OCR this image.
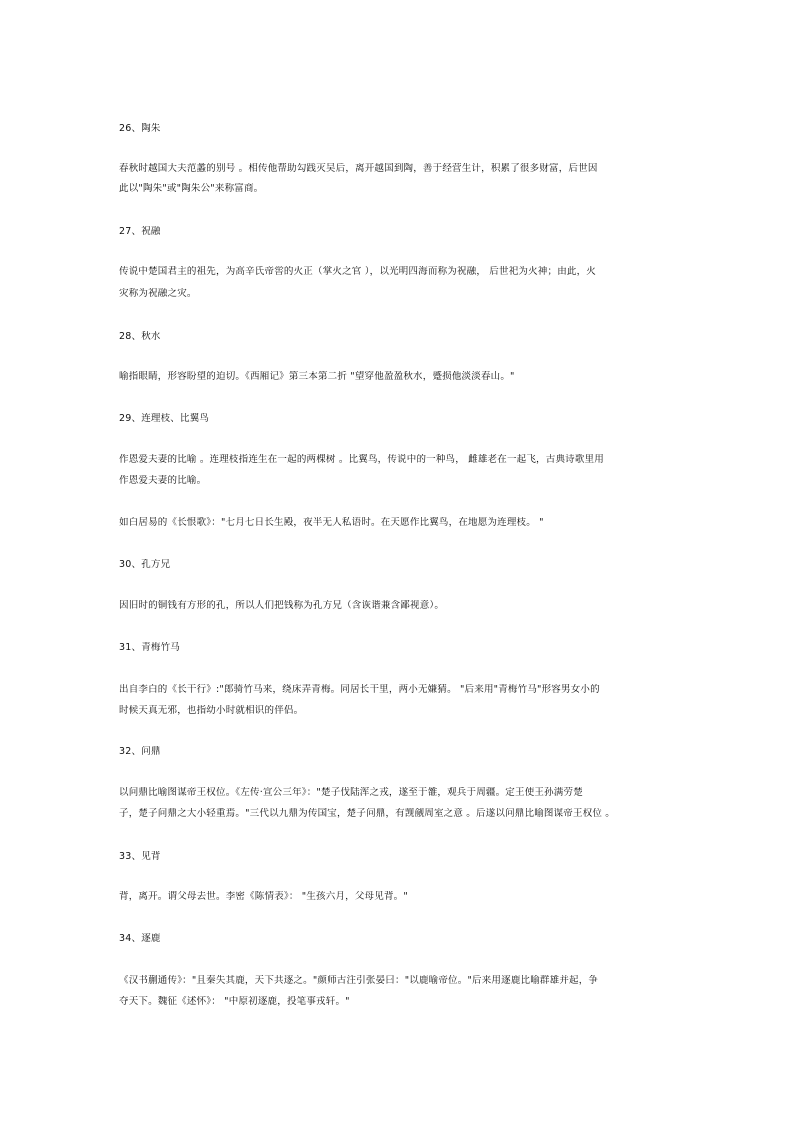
26、陶朱
春秋时越国大夫范蠡的别号 。相传他帮助勾践灭吴后，离开越国到陶，善于经营生计，积累了很多财富，后世因
此以"陶朱"或"陶朱公"来称富商。
27、祝融
传说中楚国君主的祖先，为高辛氏帝喾的火正（掌火之官 ），以光明四海而称为祝融， 后世祀为火神；由此，火
灾称为祝融之灾。
28、秋水
喻指眼睛，形容盼望的迫切。《西厢记》第三本第二折 "望穿他盈盈秋水，蹙损他淡淡春山。"
29、连理枝、比翼鸟
作恩爱夫妻的比喻 。连理枝指连生在一起的两棵树 。比翼鸟，传说中的一种鸟， 雌雄老在一起飞，古典诗歌里用
作恩爱夫妻的比喻。
如白居易的《长恨歌》："七月七日长生殿，夜半无人私语时。在天愿作比翼鸟，在地愿为连理枝。 "
30、孔方兄
因旧时的铜钱有方形的孔，所以人们把钱称为孔方兄（含诙谐兼含鄙视意）。
31、青梅竹马
出自李白的《长干行》:"郎骑竹马来，绕床弄青梅。同居长干里，两小无嫌猜。 "后来用"青梅竹马"形容男女小的
时候天真无邪，也指幼小时就相识的伴侣。
32、问鼎
以问鼎比喻图谋帝王权位。《左传·宣公三年》："楚子伐陆浑之戎，遂至于雒，观兵于周疆。定王使王孙满劳楚
子，楚子问鼎之大小轻重焉。"三代以九鼎为传国宝，楚子问鼎，有觊觎周室之意 。后遂以问鼎比喻图谋帝王权位 。
33、见背
背，离开。谓父母去世。李密《陈情表》： "生孩六月，父母见背。"
34、逐鹿
《汉书蒯通传》："且秦失其鹿，天下共逐之。"颜师古注引张晏曰："以鹿喻帝位。"后来用逐鹿比喻群雄并起，争
夺天下。魏征《述怀》： "中原初逐鹿，投笔事戎轩。"
